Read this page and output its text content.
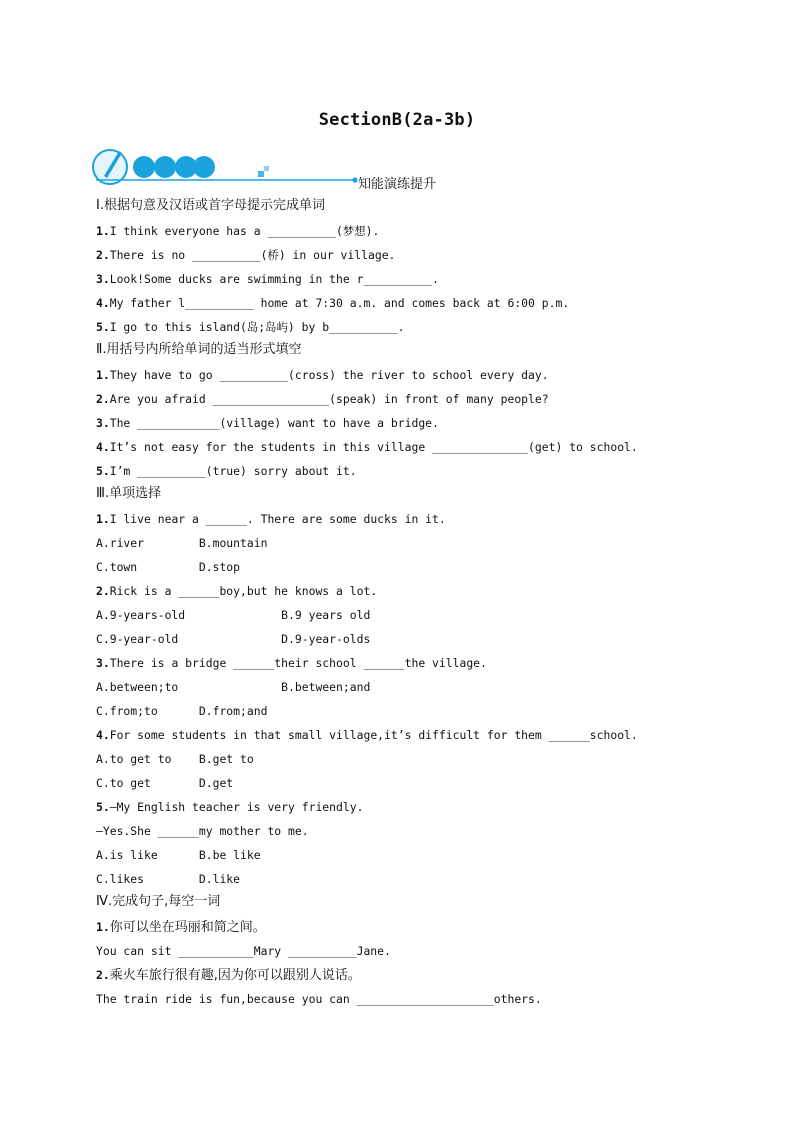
SectionB(2a-3b)
知能演练提升
Ⅰ.根据句意及汉语或首字母提示完成单词
1.I think everyone has a __________(梦想).
2.There is no __________(桥) in our village.
3.Look!Some ducks are swimming in the r__________.
4.My father l__________ home at 7:30 a.m. and comes back at 6:00 p.m.
5.I go to this island(岛;岛屿) by b__________.
Ⅱ.用括号内所给单词的适当形式填空
1.They have to go __________(cross) the river to school every day.
2.Are you afraid _________________(speak) in front of many people?
3.The ____________(village) want to have a bridge.
4.It’s not easy for the students in this village ______________(get) to school.
5.I’m __________(true) sorry about it.
Ⅲ.单项选择
1.I live near a ______. There are some ducks in it.
A.river        B.mountain
C.town         D.stop
2.Rick is a ______boy,but he knows a lot.
A.9-years-old              B.9 years old
C.9-year-old               D.9-year-olds
3.There is a bridge ______their school ______the village.
A.between;to               B.between;and
C.from;to      D.from;and
4.For some students in that small village,it’s difficult for them ______school.
A.to get to    B.get to
C.to get       D.get
5.—My English teacher is very friendly.
—Yes.She ______my mother to me.
A.is like      B.be like
C.likes        D.like
Ⅳ.完成句子,每空一词
1.你可以坐在玛丽和简之间。
You can sit ___________Mary __________Jane.
2.乘火车旅行很有趣,因为你可以跟别人说话。
The train ride is fun,because you can ____________________others.
